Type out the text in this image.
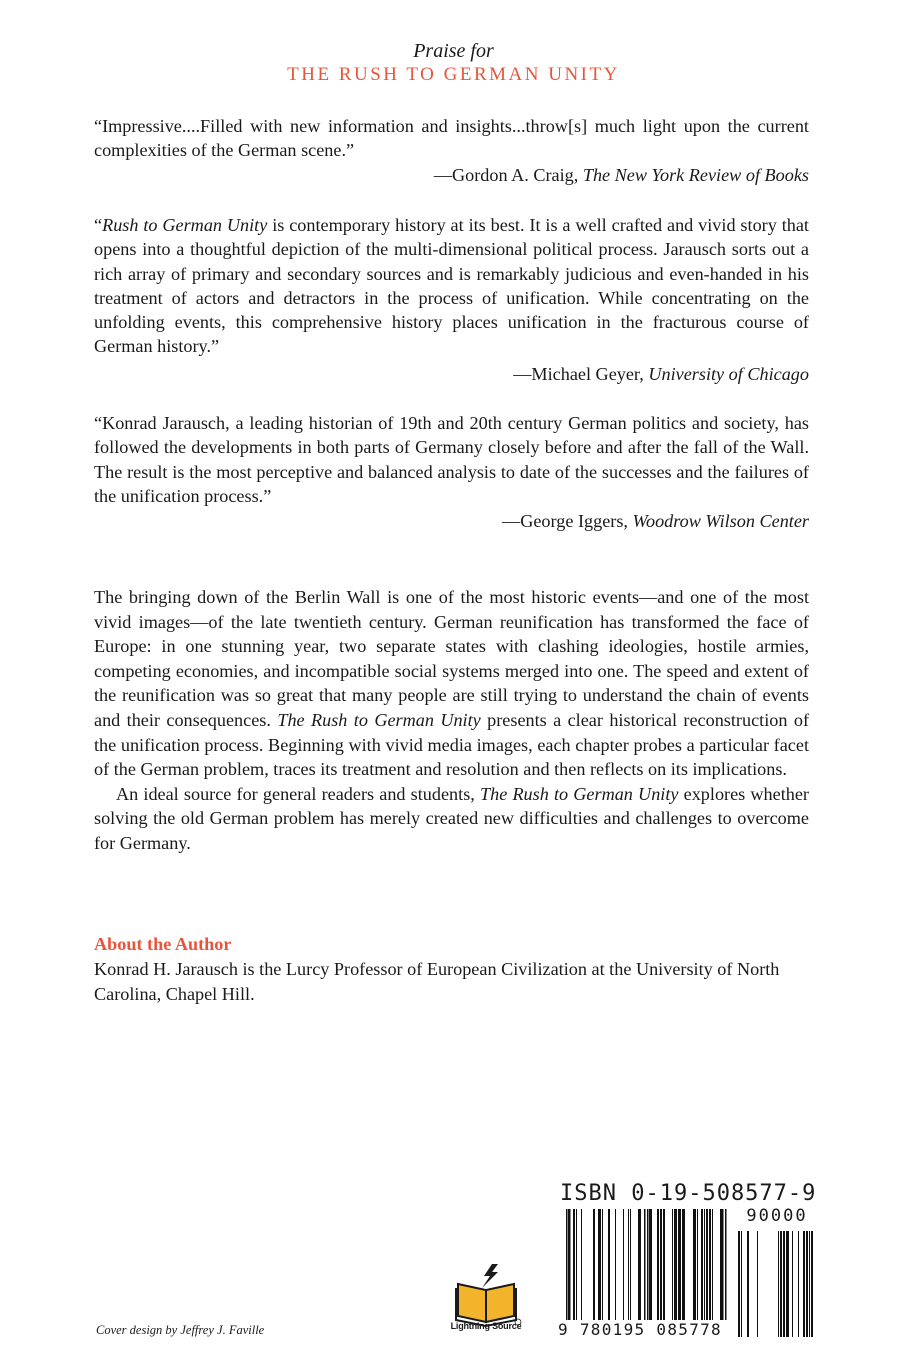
Praise for
THE RUSH TO GERMAN UNITY

“Impressive....Filled with new information and insights...throw[s] much light upon the current complexities of the German scene.”

—Gordon A. Craig, The New York Review of Books

“Rush to German Unity is contemporary history at its best. It is a well crafted and vivid story that opens into a thoughtful depiction of the multi-dimensional political process. Jarausch sorts out a rich array of primary and secondary sources and is remarkably judicious and even-handed in his treatment of actors and detractors in the process of unification. While concentrating on the unfolding events, this comprehensive history places unification in the fracturous course of German history.”

—Michael Geyer, University of Chicago

“Konrad Jarausch, a leading historian of 19th and 20th century German politics and society, has followed the developments in both parts of Germany closely before and after the fall of the Wall. The result is the most perceptive and balanced analysis to date of the successes and the failures of the unification process.”

—George Iggers, Woodrow Wilson Center

The bringing down of the Berlin Wall is one of the most historic events—and one of the most vivid images—of the late twentieth century. German reunification has transformed the face of Europe: in one stunning year, two separate states with clashing ideologies, hostile armies, competing economies, and incompatible social systems merged into one. The speed and extent of the reunification was so great that many people are still trying to understand the chain of events and their consequences. The Rush to German Unity presents a clear historical reconstruction of the unification process. Beginning with vivid media images, each chapter probes a particular facet of the German problem, traces its treatment and resolution and then reflects on its implications.

An ideal source for general readers and students, The Rush to German Unity explores whether solving the old German problem has merely created new difficulties and challenges to overcome for Germany.

About the Author
Konrad H. Jarausch is the Lurcy Professor of European Civilization at the University of North Carolina, Chapel Hill.
ISBN 0-19-508577-9
90000
9 780195 085778
Cover design by Jeffrey J. Faville	Lightning Source
